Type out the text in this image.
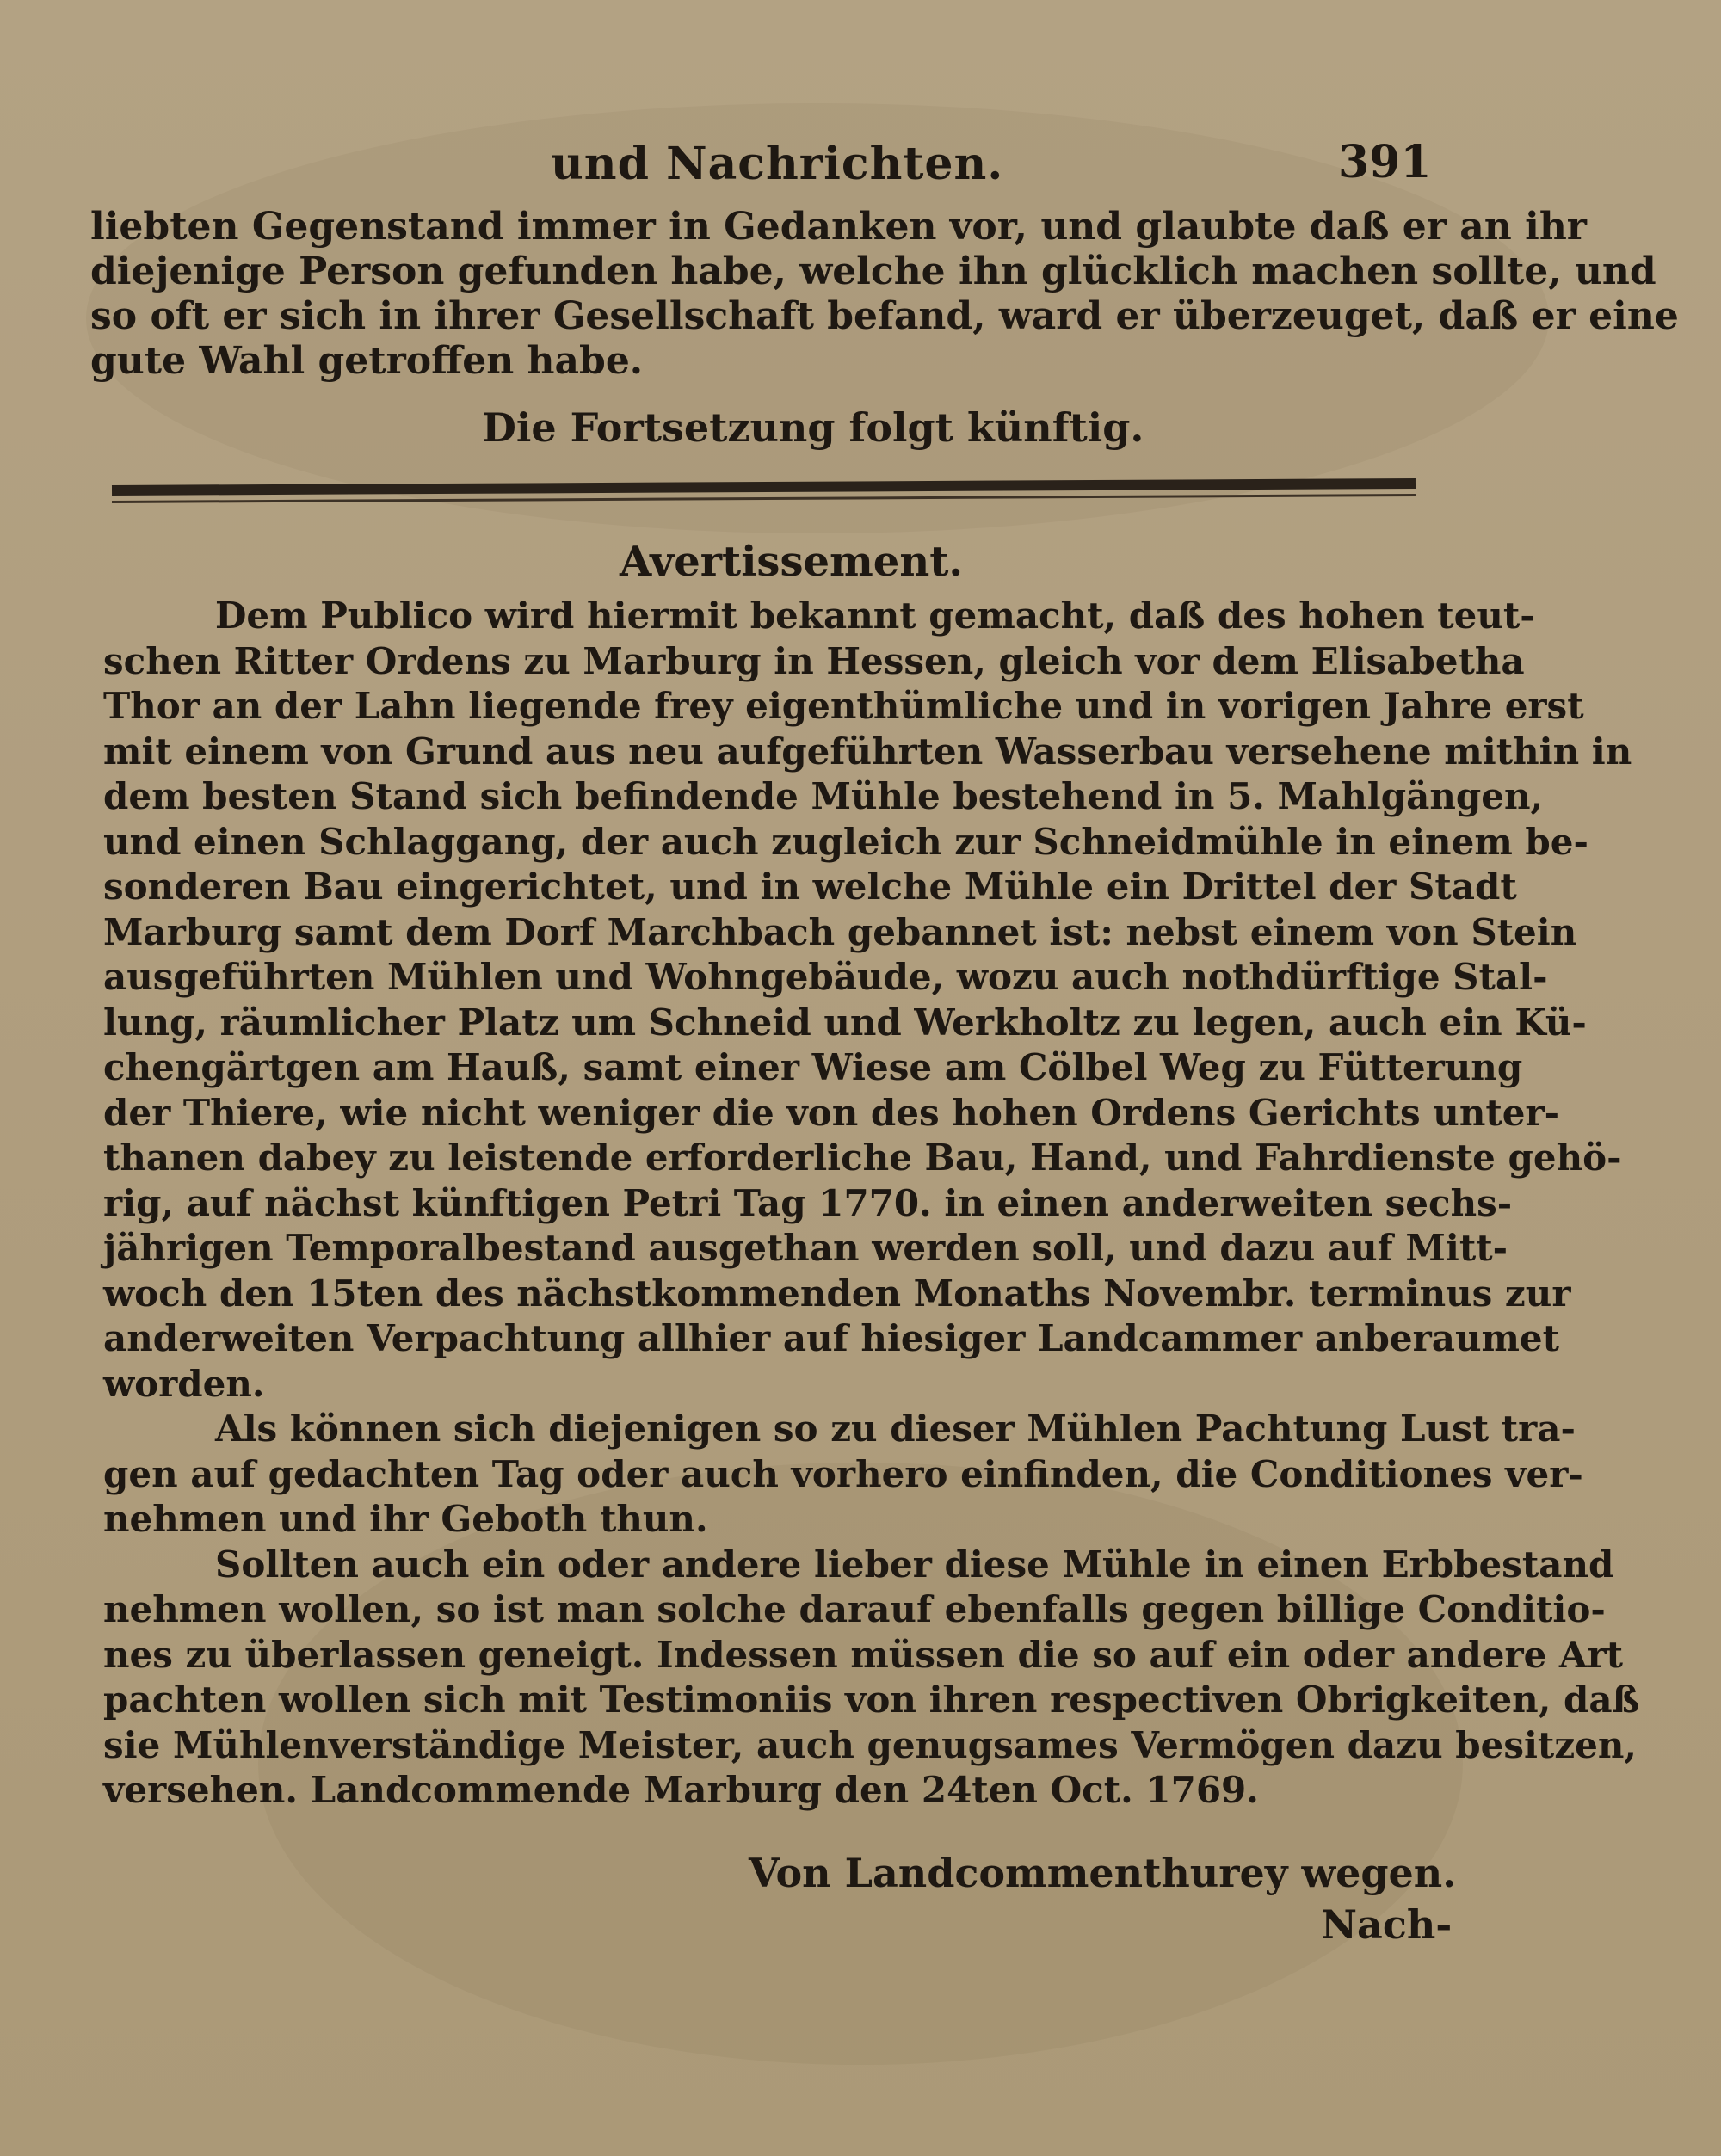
und Nachrichten.	391
liebten Gegenstand immer in Gedanken vor, und glaubte daß er an ihr
diejenige Person gefunden habe, welche ihn glücklich machen sollte, und
so oft er sich in ihrer Gesellschaft befand, ward er überzeuget, daß er eine
gute Wahl getroffen habe.
Die Fortsetzung folgt künftig.
Avertissement.
Dem Publico wird hiermit bekannt gemacht, daß des hohen teut-
schen Ritter Ordens zu Marburg in Hessen, gleich vor dem Elisabetha
Thor an der Lahn liegende frey eigenthümliche und in vorigen Jahre erst
mit einem von Grund aus neu aufgeführten Wasserbau versehene mithin in
dem besten Stand sich befindende Mühle bestehend in 5. Mahlgängen,
und einen Schlaggang, der auch zugleich zur Schneidmühle in einem be-
sonderen Bau eingerichtet, und in welche Mühle ein Drittel der Stadt
Marburg samt dem Dorf Marchbach gebannet ist: nebst einem von Stein
ausgeführten Mühlen und Wohngebäude, wozu auch nothdürftige Stal-
lung, räumlicher Platz um Schneid und Werkholtz zu legen, auch ein Kü-
chengärtgen am Hauß, samt einer Wiese am Cölbel Weg zu Fütterung
der Thiere, wie nicht weniger die von des hohen Ordens Gerichts unter-
thanen dabey zu leistende erforderliche Bau, Hand, und Fahrdienste gehö-
rig, auf nächst künftigen Petri Tag 1770. in einen anderweiten sechs-
jährigen Temporalbestand ausgethan werden soll, und dazu auf Mitt-
woch den 15ten des nächstkommenden Monaths Novembr. terminus zur
anderweiten Verpachtung allhier auf hiesiger Landcammer anberaumet
worden.
Als können sich diejenigen so zu dieser Mühlen Pachtung Lust tra-
gen auf gedachten Tag oder auch vorhero einfinden, die Conditiones ver-
nehmen und ihr Geboth thun.
Sollten auch ein oder andere lieber diese Mühle in einen Erbbestand
nehmen wollen, so ist man solche darauf ebenfalls gegen billige Conditio-
nes zu überlassen geneigt. Indessen müssen die so auf ein oder andere Art
pachten wollen sich mit Testimoniis von ihren respectiven Obrigkeiten, daß
sie Mühlenverständige Meister, auch genugsames Vermögen dazu besitzen,
versehen. Landcommende Marburg den 24ten Oct. 1769.
Von Landcommenthurey wegen.
Nach-
